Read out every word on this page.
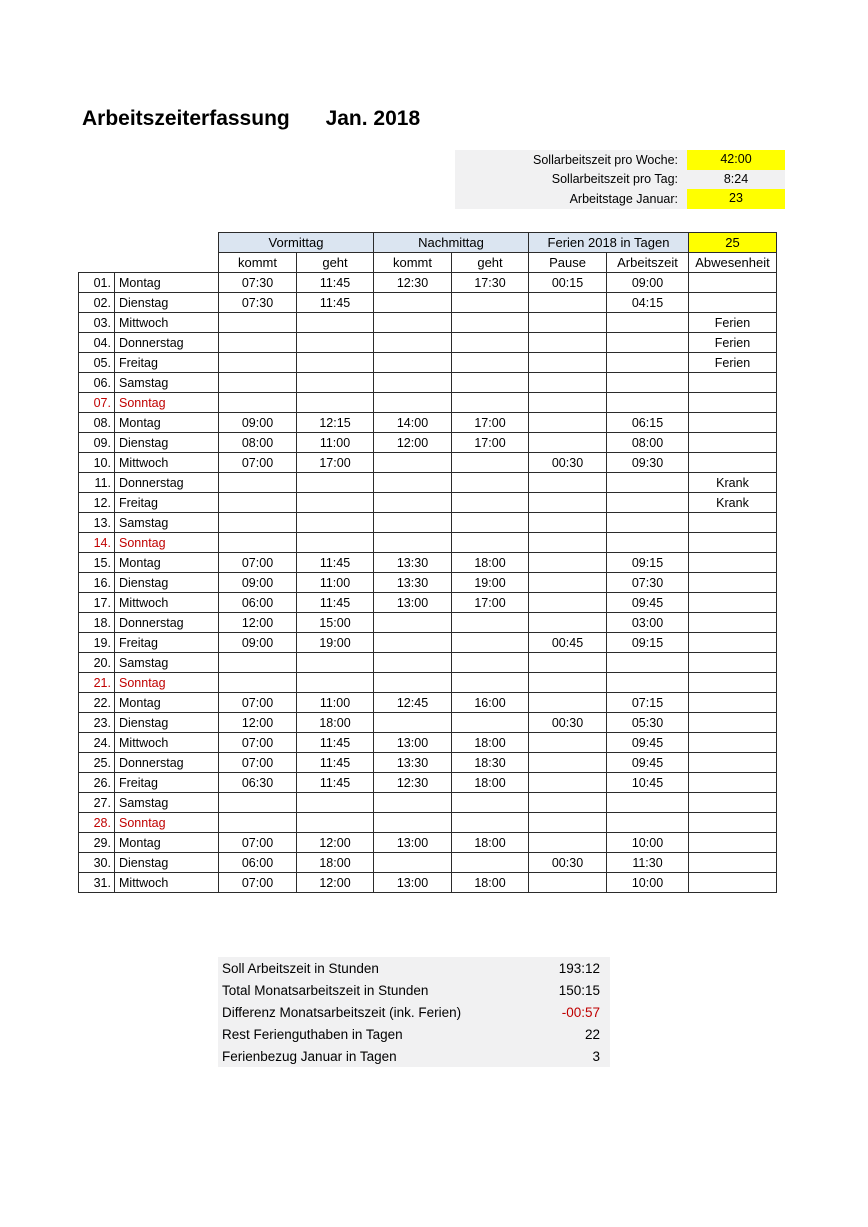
Arbeitszeiterfassung Jan. 2018
Sollarbeitszeit pro Woche:	42:00
Sollarbeitszeit pro Tag:	8:24
Arbeitstage Januar:	23
		Vormittag		Nachmittag		Ferien 2018 in Tagen		25
		kommt	geht	kommt	geht	Pause	Arbeitszeit	Abwesenheit
01.	Montag	07:30	11:45	12:30	17:30	00:15	09:00	
02.	Dienstag	07:30	11:45				04:15	
03.	Mittwoch							Ferien
04.	Donnerstag							Ferien
05.	Freitag							Ferien
06.	Samstag							
07.	Sonntag							
08.	Montag	09:00	12:15	14:00	17:00		06:15	
09.	Dienstag	08:00	11:00	12:00	17:00		08:00	
10.	Mittwoch	07:00	17:00			00:30	09:30	
11.	Donnerstag							Krank
12.	Freitag							Krank
13.	Samstag							
14.	Sonntag							
15.	Montag	07:00	11:45	13:30	18:00		09:15	
16.	Dienstag	09:00	11:00	13:30	19:00		07:30	
17.	Mittwoch	06:00	11:45	13:00	17:00		09:45	
18.	Donnerstag	12:00	15:00				03:00	
19.	Freitag	09:00	19:00			00:45	09:15	
20.	Samstag							
21.	Sonntag							
22.	Montag	07:00	11:00	12:45	16:00		07:15	
23.	Dienstag	12:00	18:00			00:30	05:30	
24.	Mittwoch	07:00	11:45	13:00	18:00		09:45	
25.	Donnerstag	07:00	11:45	13:30	18:30		09:45	
26.	Freitag	06:30	11:45	12:30	18:00		10:45	
27.	Samstag							
28.	Sonntag							
29.	Montag	07:00	12:00	13:00	18:00		10:00	
30.	Dienstag	06:00	18:00			00:30	11:30	
31.	Mittwoch	07:00	12:00	13:00	18:00		10:00	
Soll Arbeitszeit in Stunden	193:12
Total Monatsarbeitszeit in Stunden	150:15
Differenz Monatsarbeitszeit (ink. Ferien)	-00:57
Rest Ferienguthaben in Tagen	22
Ferienbezug Januar in Tagen	3
